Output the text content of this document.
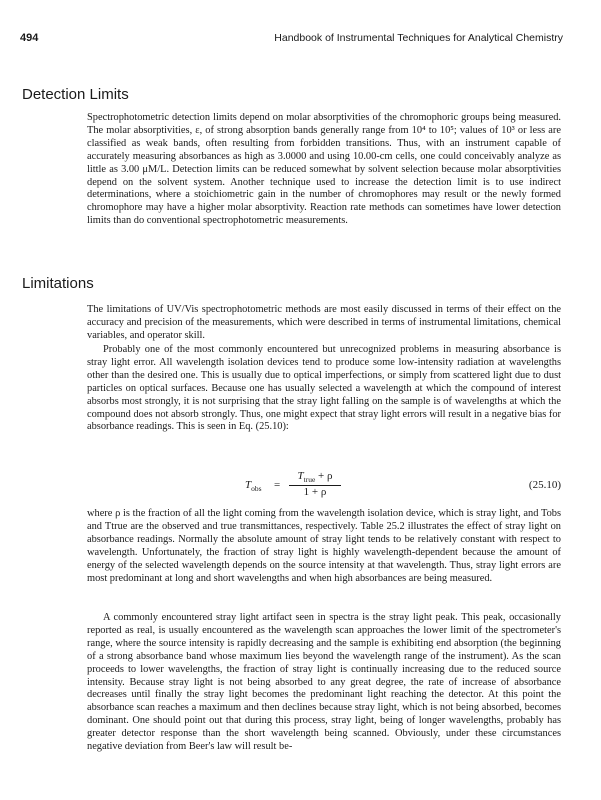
494	Handbook of Instrumental Techniques for Analytical Chemistry
Detection Limits

Spectrophotometric detection limits depend on molar absorptivities of the chromophoric groups being measured. The molar absorptivities, ε, of strong absorption bands generally range from 10⁴ to 10⁵; values of 10³ or less are classified as weak bands, often resulting from forbidden transitions. Thus, with an instrument capable of accurately measuring absorbances as high as 3.0000 and using 10.00-cm cells, one could conceivably analyze as little as 3.00 μM/L. Detection limits can be reduced somewhat by solvent selection because molar absorptivities depend on the solvent system. Another technique used to increase the detection limit is to use indirect determinations, where a stoichiometric gain in the number of chromophores may result or the newly formed chromophore may have a higher molar absorptivity. Reaction rate methods can sometimes have lower detection limits than do conventional spectrophotometric measurements.

Limitations

The limitations of UV/Vis spectrophotometric methods are most easily discussed in terms of their effect on the accuracy and precision of the measurements, which were described in terms of instrumental limitations, chemical variables, and operator skill.

Probably one of the most commonly encountered but unrecognized problems in measuring absorbance is stray light error. All wavelength isolation devices tend to produce some low-intensity radiation at wavelengths other than the desired one. This is usually due to optical imperfections, or simply from scattered light due to dust particles on optical surfaces. Because one has usually selected a wavelength at which the compound of interest absorbs most strongly, it is not surprising that the stray light falling on the sample is of wavelengths at which the compound does not absorb strongly. Thus, one might expect that stray light errors will result in a negative bias for absorbance readings. This is seen in Eq. (25.10):

$T_{obs}$ =
$T_{true} + \rho$
1 + ρ
(25.10)

where ρ is the fraction of all the light coming from the wavelength isolation device, which is stray light, and Tobs and Ttrue are the observed and true transmittances, respectively. Table 25.2 illustrates the effect of stray light on absorbance readings. Normally the absolute amount of stray light tends to be relatively constant with respect to wavelength. Unfortunately, the fraction of stray light is highly wavelength-dependent because the amount of energy of the selected wavelength depends on the source intensity at that wavelength. Thus, stray light errors are most predominant at long and short wavelengths and when high absorbances are being measured.

A commonly encountered stray light artifact seen in spectra is the stray light peak. This peak, occasionally reported as real, is usually encountered as the wavelength scan approaches the lower limit of the spectrometer's range, where the source intensity is rapidly decreasing and the sample is exhibiting end absorption (the beginning of a strong absorbance band whose maximum lies beyond the wavelength range of the instrument). As the scan proceeds to lower wavelengths, the fraction of stray light is continually increasing due to the reduced source intensity. Because stray light is not being absorbed to any great degree, the rate of increase of absorbance decreases until finally the stray light becomes the predominant light reaching the detector. At this point the absorbance scan reaches a maximum and then declines because stray light, which is not being absorbed, becomes dominant. One should point out that during this process, stray light, being of longer wavelengths, probably has greater detector response than the short wavelength being scanned. Obviously, under these circumstances negative deviation from Beer's law will result be-
